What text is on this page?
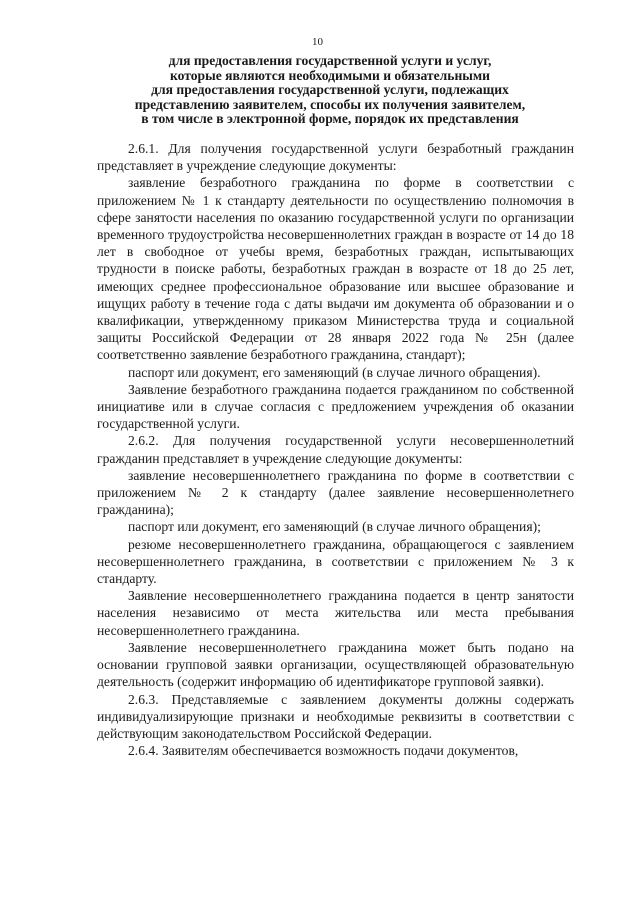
10
для предоставления государственной услуги и услуг,
которые являются необходимыми и обязательными
для предоставления государственной услуги, подлежащих
представлению заявителем, способы их получения заявителем,
в том числе в электронной форме, порядок их представления

2.6.1. Для получения государственной услуги безработный гражданин представляет в учреждение следующие документы:

заявление безработного гражданина по форме в соответствии с приложением № 1 к стандарту деятельности по осуществлению полномочия в сфере занятости населения по оказанию государственной услуги по организации временного трудоустройства несовершеннолетних граждан в возрасте от 14 до 18 лет в свободное от учебы время, безработных граждан, испытывающих трудности в поиске работы, безработных граждан в возрасте от 18 до 25 лет, имеющих среднее профессиональное образование или высшее образование и ищущих работу в течение года с даты выдачи им документа об образовании и о квалификации, утвержденному приказом Министерства труда и социальной защиты Российской Федерации от 28 января 2022 года № 25н (далее соответственно заявление безработного гражданина, стандарт);

паспорт или документ, его заменяющий (в случае личного обращения).

Заявление безработного гражданина подается гражданином по собственной инициативе или в случае согласия с предложением учреждения об оказании государственной услуги.

2.6.2. Для получения государственной услуги несовершеннолетний гражданин представляет в учреждение следующие документы:

заявление несовершеннолетнего гражданина по форме в соответствии с приложением № 2 к стандарту (далее заявление несовершеннолетнего гражданина);

паспорт или документ, его заменяющий (в случае личного обращения);

резюме несовершеннолетнего гражданина, обращающегося с заявлением несовершеннолетнего гражданина, в соответствии с приложением № 3 к стандарту.

Заявление несовершеннолетнего гражданина подается в центр занятости населения независимо от места жительства или места пребывания несовершеннолетнего гражданина.

Заявление несовершеннолетнего гражданина может быть подано на основании групповой заявки организации, осуществляющей образовательную деятельность (содержит информацию об идентификаторе групповой заявки).

2.6.3. Представляемые с заявлением документы должны содержать индивидуализирующие признаки и необходимые реквизиты в соответствии с действующим законодательством Российской Федерации.

2.6.4. Заявителям обеспечивается возможность подачи документов,
